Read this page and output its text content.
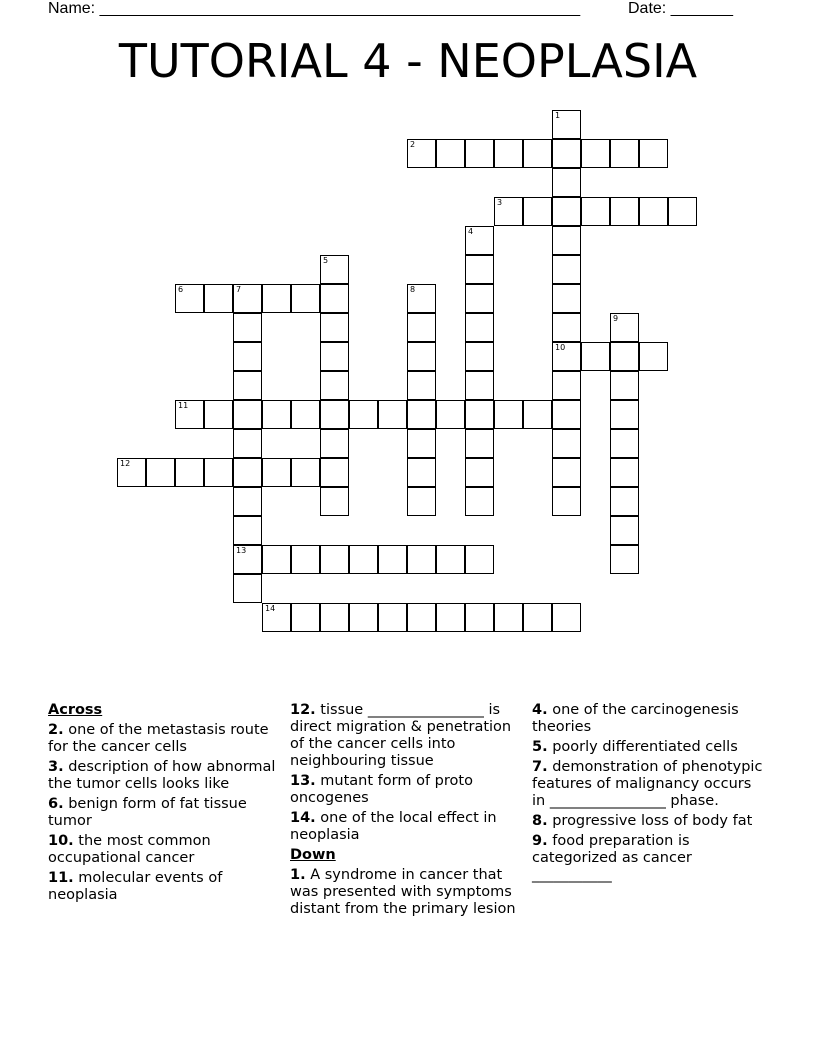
Name: ______________________________________________________	Date: _______
TUTORIAL 4 - NEOPLASIA
1
10
2
3
4
5
6	7
13
8
9
11
12
14
Across
2. one of the metastasis route for the cancer cells
3. description of how abnormal the tumor cells looks like
6. benign form of fat tissue tumor
10. the most common occupational cancer
11. molecular events of neoplasia
12. tissue ________________ is direct migration & penetration of the cancer cells into neighbouring tissue
13. mutant form of proto oncogenes
14. one of the local effect in neoplasia
Down
1. A syndrome in cancer that was presented with symptoms distant from the primary lesion
4. one of the carcinogenesis theories
5. poorly differentiated cells
7. demonstration of phenotypic features of malignancy occurs in ________________ phase.
8. progressive loss of body fat
9. food preparation is categorized as cancer ___________
